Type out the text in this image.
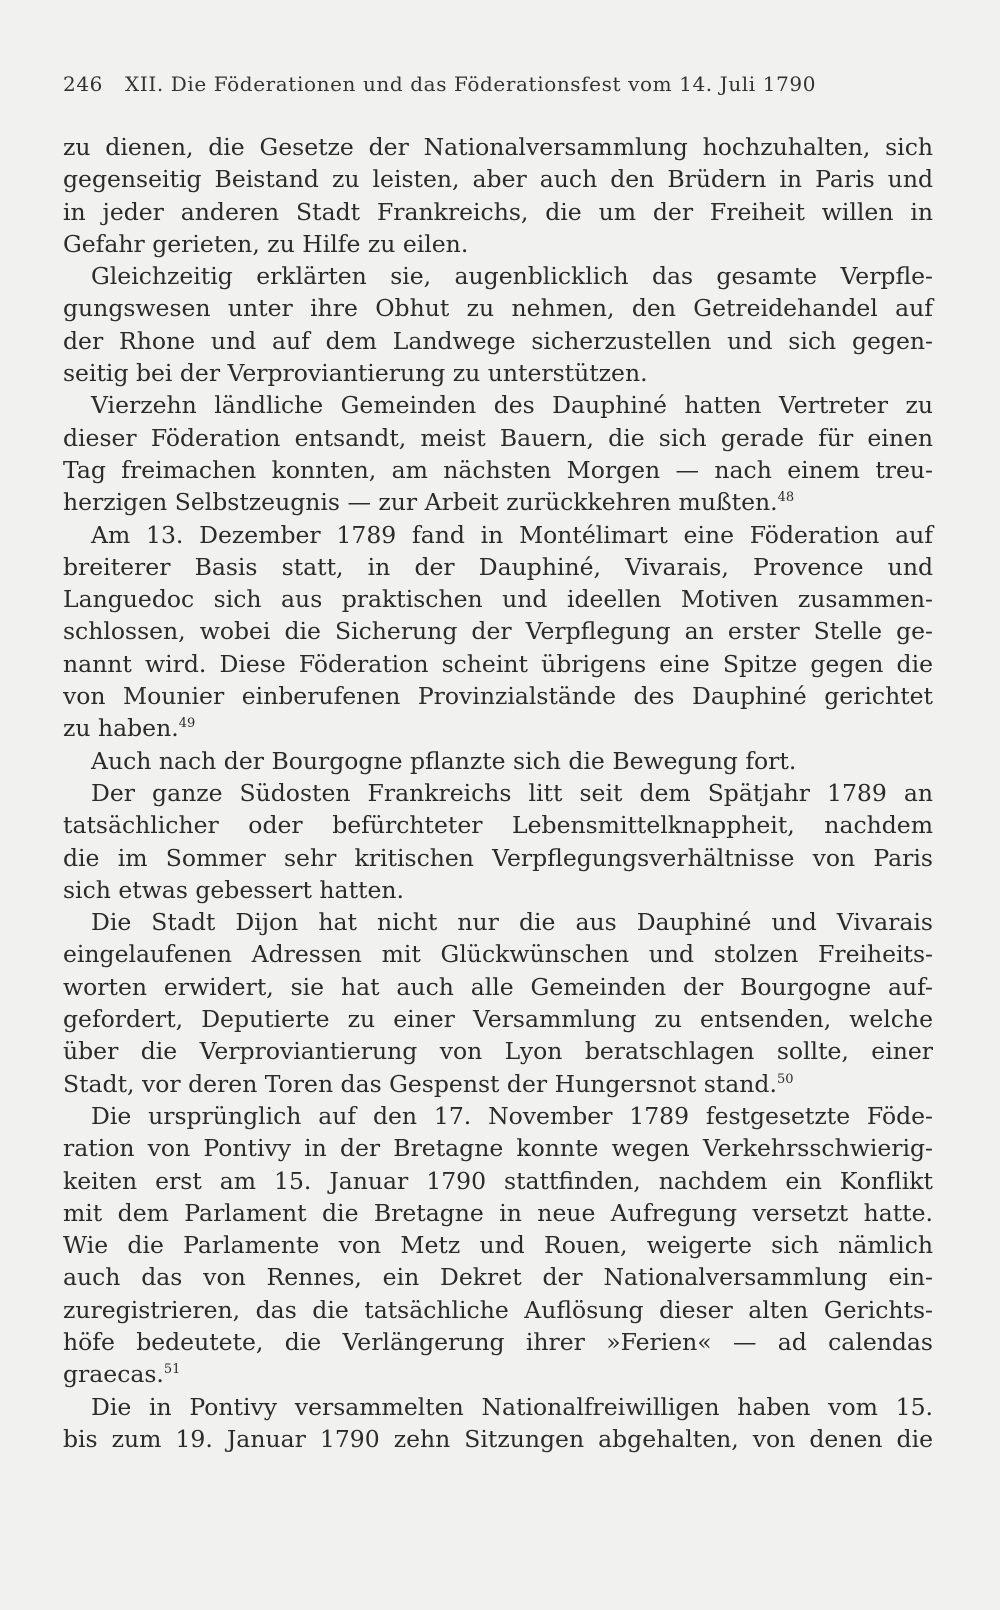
246 XII. Die Föderationen und das Föderationsfest vom 14. Juli 1790
zu dienen, die Gesetze der Nationalversammlung hochzuhalten, sich
gegenseitig Beistand zu leisten, aber auch den Brüdern in Paris und
in jeder anderen Stadt Frankreichs, die um der Freiheit willen in
Gefahr gerieten, zu Hilfe zu eilen.
Gleichzeitig erklärten sie, augenblicklich das gesamte Verpfle-
gungswesen unter ihre Obhut zu nehmen, den Getreidehandel auf
der Rhone und auf dem Landwege sicherzustellen und sich gegen-
seitig bei der Verproviantierung zu unterstützen.
Vierzehn ländliche Gemeinden des Dauphiné hatten Vertreter zu
dieser Föderation entsandt, meist Bauern, die sich gerade für einen
Tag freimachen konnten, am nächsten Morgen — nach einem treu-
herzigen Selbstzeugnis — zur Arbeit zurückkehren mußten.$^{48}$
Am 13. Dezember 1789 fand in Montélimart eine Föderation auf
breiterer Basis statt, in der Dauphiné, Vivarais, Provence und
Languedoc sich aus praktischen und ideellen Motiven zusammen-
schlossen, wobei die Sicherung der Verpflegung an erster Stelle ge-
nannt wird. Diese Föderation scheint übrigens eine Spitze gegen die
von Mounier einberufenen Provinzialstände des Dauphiné gerichtet
zu haben.$^{49}$
Auch nach der Bourgogne pflanzte sich die Bewegung fort.
Der ganze Südosten Frankreichs litt seit dem Spätjahr 1789 an
tatsächlicher oder befürchteter Lebensmittelknappheit, nachdem
die im Sommer sehr kritischen Verpflegungsverhältnisse von Paris
sich etwas gebessert hatten.
Die Stadt Dijon hat nicht nur die aus Dauphiné und Vivarais
eingelaufenen Adressen mit Glückwünschen und stolzen Freiheits-
worten erwidert, sie hat auch alle Gemeinden der Bourgogne auf-
gefordert, Deputierte zu einer Versammlung zu entsenden, welche
über die Verproviantierung von Lyon beratschlagen sollte, einer
Stadt, vor deren Toren das Gespenst der Hungersnot stand.$^{50}$
Die ursprünglich auf den 17. November 1789 festgesetzte Föde-
ration von Pontivy in der Bretagne konnte wegen Verkehrsschwierig-
keiten erst am 15. Januar 1790 stattfinden, nachdem ein Konflikt
mit dem Parlament die Bretagne in neue Aufregung versetzt hatte.
Wie die Parlamente von Metz und Rouen, weigerte sich nämlich
auch das von Rennes, ein Dekret der Nationalversammlung ein-
zuregistrieren, das die tatsächliche Auflösung dieser alten Gerichts-
höfe bedeutete, die Verlängerung ihrer »Ferien« — ad calendas
graecas.$^{51}$
Die in Pontivy versammelten Nationalfreiwilligen haben vom 15.
bis zum 19. Januar 1790 zehn Sitzungen abgehalten, von denen die
